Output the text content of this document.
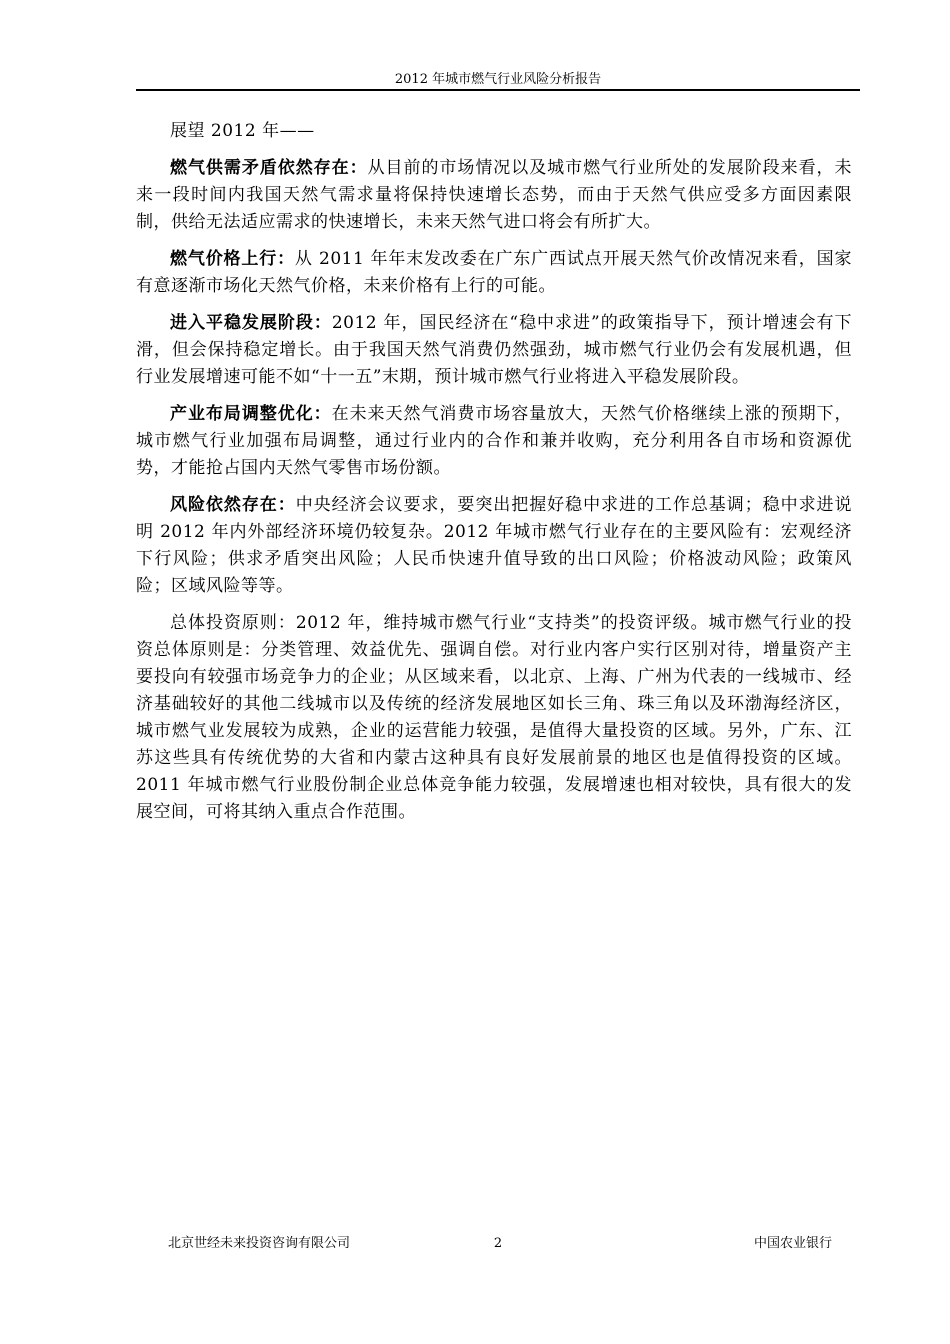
2012 年城市燃气行业风险分析报告

展望 2012 年——

燃气供需矛盾依然存在：从目前的市场情况以及城市燃气行业所处的发展阶段来看，未来一段时间内我国天然气需求量将保持快速增长态势，而由于天然气供应受多方面因素限制，供给无法适应需求的快速增长，未来天然气进口将会有所扩大。

燃气价格上行：从 2011 年年末发改委在广东广西试点开展天然气价改情况来看，国家有意逐渐市场化天然气价格，未来价格有上行的可能。

进入平稳发展阶段：2012 年，国民经济在“稳中求进”的政策指导下，预计增速会有下滑，但会保持稳定增长。由于我国天然气消费仍然强劲，城市燃气行业仍会有发展机遇，但行业发展增速可能不如“十一五”末期，预计城市燃气行业将进入平稳发展阶段。

产业布局调整优化：在未来天然气消费市场容量放大，天然气价格继续上涨的预期下，城市燃气行业加强布局调整，通过行业内的合作和兼并收购，充分利用各自市场和资源优势，才能抢占国内天然气零售市场份额。

风险依然存在：中央经济会议要求，要突出把握好稳中求进的工作总基调；稳中求进说明 2012 年内外部经济环境仍较复杂。2012 年城市燃气行业存在的主要风险有：宏观经济下行风险；供求矛盾突出风险；人民币快速升值导致的出口风险；价格波动风险；政策风险；区域风险等等。

总体投资原则：2012 年，维持城市燃气行业“支持类”的投资评级。城市燃气行业的投资总体原则是：分类管理、效益优先、强调自偿。对行业内客户实行区别对待，增量资产主要投向有较强市场竞争力的企业；从区域来看，以北京、上海、广州为代表的一线城市、经济基础较好的其他二线城市以及传统的经济发展地区如长三角、珠三角以及环渤海经济区，城市燃气业发展较为成熟，企业的运营能力较强，是值得大量投资的区域。另外，广东、江苏这些具有传统优势的大省和内蒙古这种具有良好发展前景的地区也是值得投资的区域。2011 年城市燃气行业股份制企业总体竞争能力较强，发展增速也相对较快，具有很大的发展空间，可将其纳入重点合作范围。

北京世经未来投资咨询有限公司	2	中国农业银行
